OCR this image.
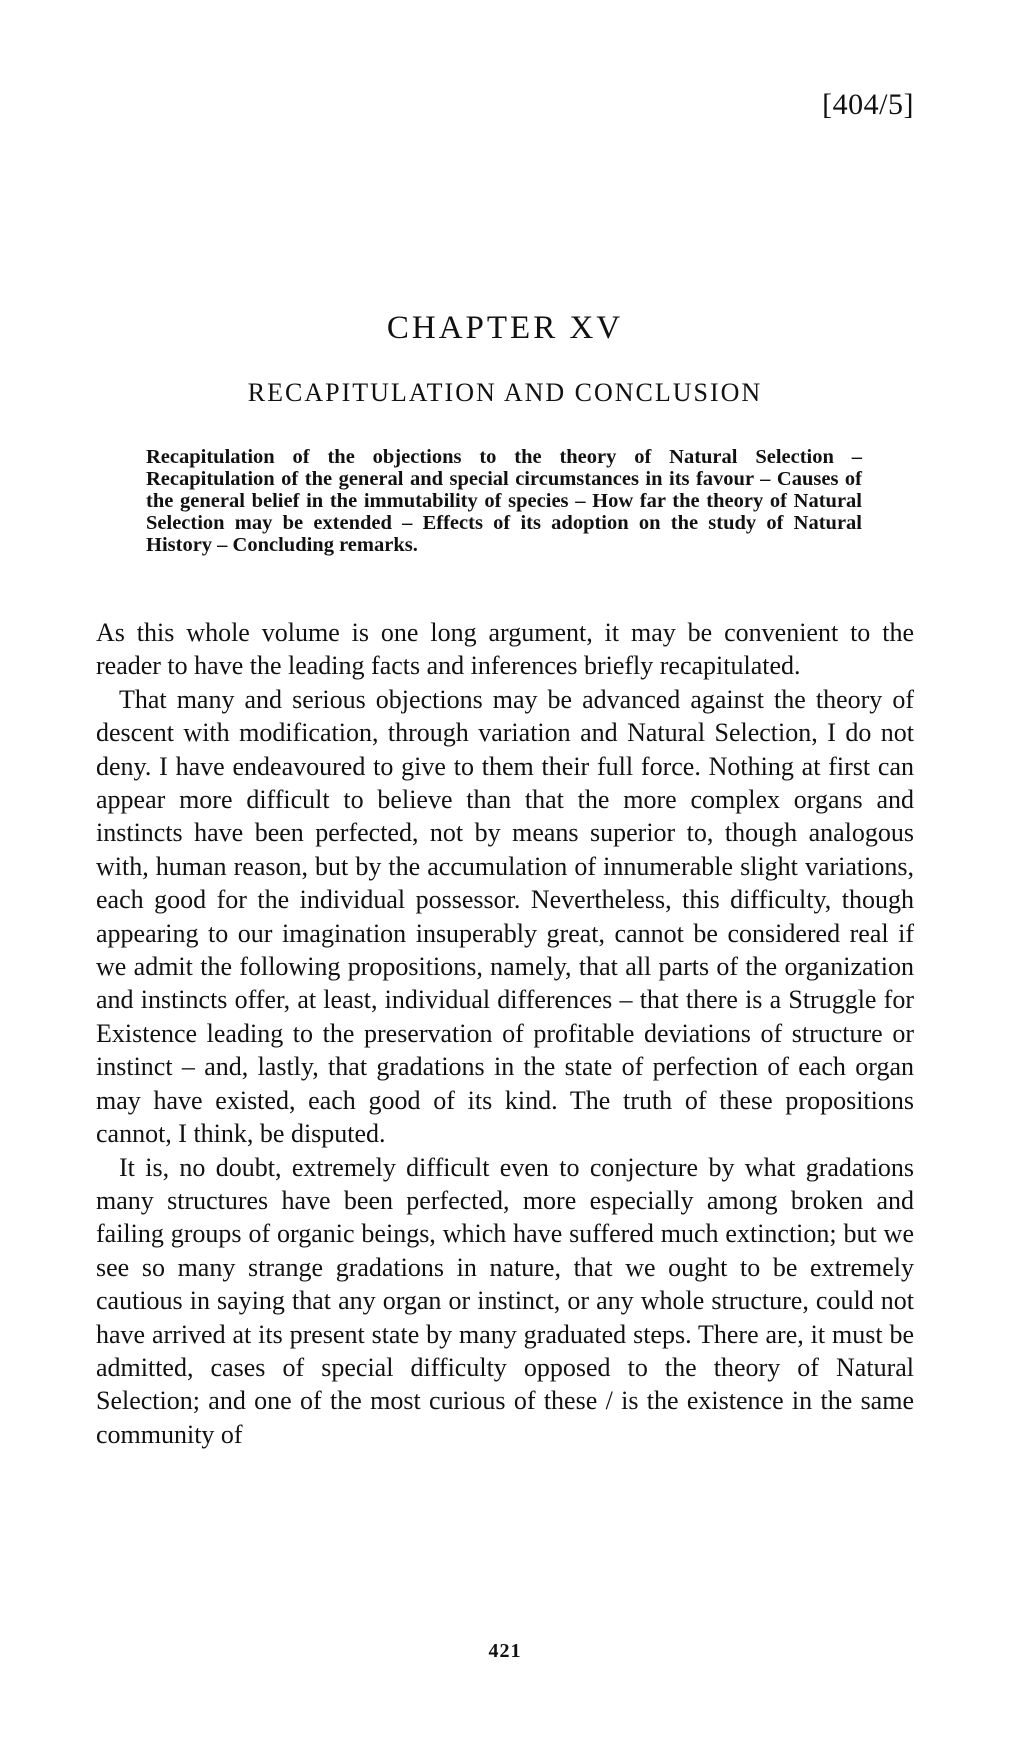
[404/5]
CHAPTER XV
RECAPITULATION AND CONCLUSION
Recapitulation of the objections to the theory of Natural Selection – Recapitulation of the general and special circumstances in its favour – Causes of the general belief in the immutability of species – How far the theory of Natural Selection may be extended – Effects of its adoption on the study of Natural History – Concluding remarks.

As this whole volume is one long argument, it may be convenient to the reader to have the leading facts and inferences briefly recapitulated.

That many and serious objections may be advanced against the theory of descent with modification, through variation and Natural Selection, I do not deny. I have endeavoured to give to them their full force. Nothing at first can appear more difficult to believe than that the more complex organs and instincts have been perfected, not by means superior to, though analogous with, human reason, but by the accumulation of innumerable slight variations, each good for the individual possessor. Nevertheless, this difficulty, though appearing to our imagination insuperably great, cannot be considered real if we admit the following propositions, namely, that all parts of the organization and instincts offer, at least, individual differences – that there is a Struggle for Existence leading to the preservation of profitable deviations of structure or instinct – and, lastly, that gradations in the state of perfection of each organ may have existed, each good of its kind. The truth of these propositions cannot, I think, be disputed.

It is, no doubt, extremely difficult even to conjecture by what gradations many structures have been perfected, more especially among broken and failing groups of organic beings, which have suffered much extinction; but we see so many strange gradations in nature, that we ought to be extremely cautious in saying that any organ or instinct, or any whole structure, could not have arrived at its present state by many graduated steps. There are, it must be admitted, cases of special difficulty opposed to the theory of Natural Selection; and one of the most curious of these / is the existence in the same community of

421
